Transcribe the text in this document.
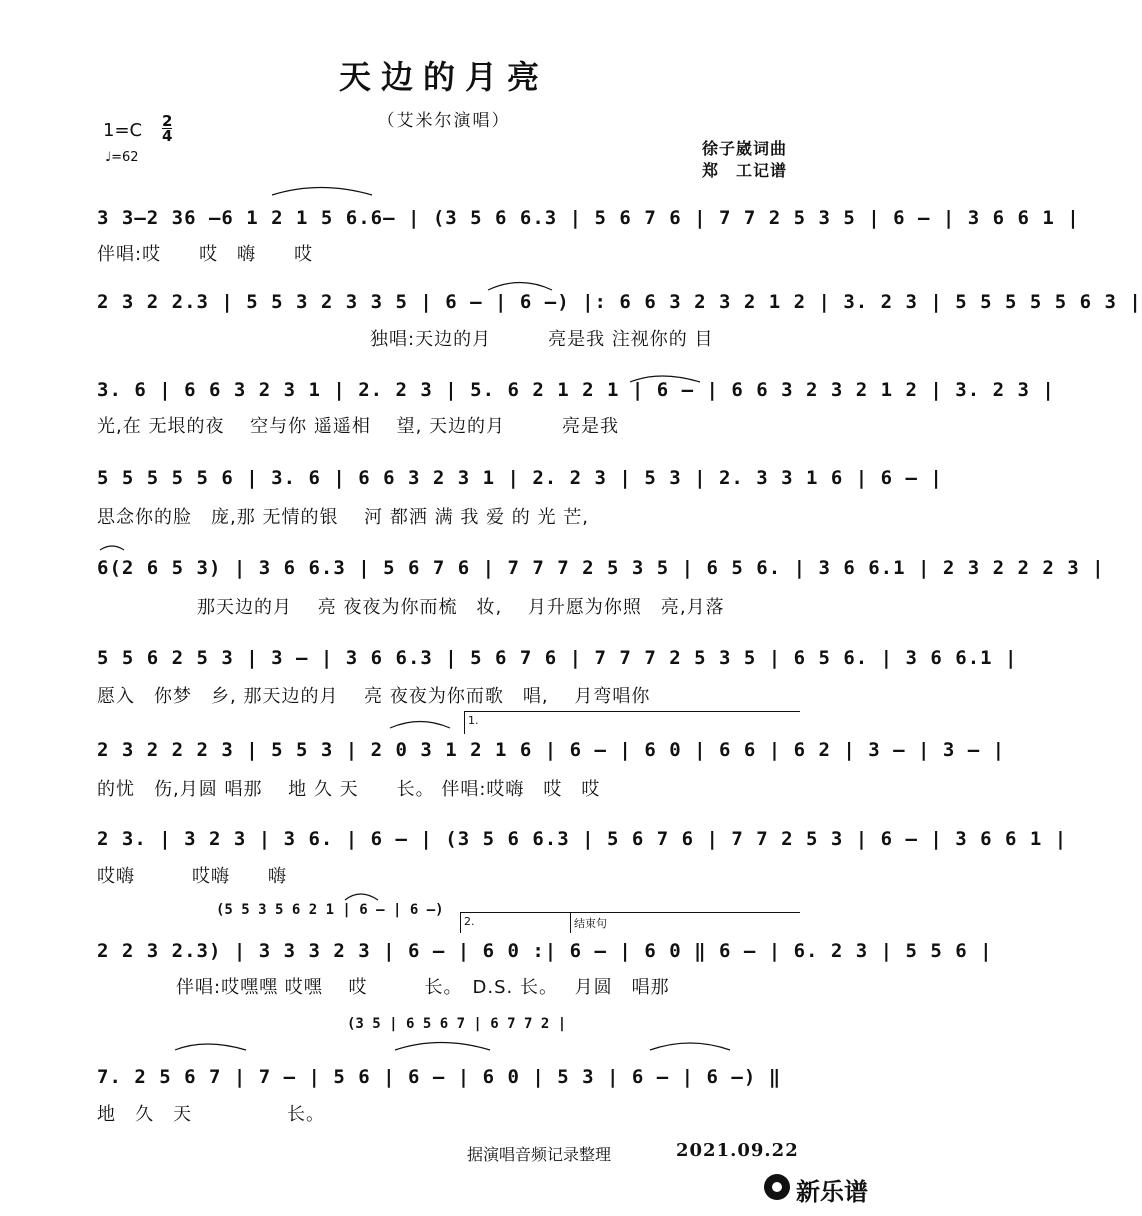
天边的月亮
（艾米尔演唱）
1=C 2
4
♩=62	徐子崴词曲
郑　工记谱
3 3–2 36 –6 1 2 1 5 6.6– | (3 5 6 6.3 | 5 6 7 6 | 7 7 2 5 3 5 | 6 – | 3 6 6 1 |
伴唱:哎　　哎　嗨　　哎
2 3 2 2.3 | 5 5 3 2 3 3 5 | 6 – | 6 –) |: 6 6 3 2 3 2 1 2 | 3. 2 3 | 5 5 5 5 5 6 3 |
独唱:天边的月　　　亮是我 注视你的 目
3. 6 | 6 6 3 2 3 1 | 2. 2 3 | 5. 6 2 1 2 1 | 6 – | 6 6 3 2 3 2 1 2 | 3. 2 3 |
光,在 无垠的夜　 空与你 遥遥相　 望, 天边的月　　　亮是我
5 5 5 5 5 6 | 3. 6 | 6 6 3 2 3 1 | 2. 2 3 | 5 3 | 2. 3 3 1 6 | 6 – |
思念你的脸　庞,那 无情的银　 河 都洒 满 我 爱 的 光 芒,
6(2 6 5 3) | 3 6 6.3 | 5 6 7 6 | 7 7 7 2 5 3 5 | 6 5 6. | 3 6 6.1 | 2 3 2 2 2 3 |
那天边的月　 亮 夜夜为你而梳　妆,　 月升愿为你照　亮,月落
5 5 6 2 5 3 | 3 – | 3 6 6.3 | 5 6 7 6 | 7 7 7 2 5 3 5 | 6 5 6. | 3 6 6.1 |
愿入　你梦　乡, 那天边的月　 亮 夜夜为你而歌　唱,　 月弯唱你
1.
2 3 2 2 2 3 | 5 5 3 | 2 0 3 1 2 1 6 | 6 – | 6 0 | 6 6 | 6 2 | 3 – | 3 – |
的忧　伤,月圆 唱那　 地 久 天　　长。 伴唱:哎嗨　哎　哎
2 3. | 3 2 3 | 3 6. | 6 – | (3 5 6 6.3 | 5 6 7 6 | 7 7 2 5 3 | 6 – | 3 6 6 1 |
哎嗨　　　哎嗨　　嗨
(5 5 3 5 6 2 1 | 6 – | 6 –)
2.	结束句
2 2 3 2.3) | 3 3 3 2 3 | 6 – | 6 0 :| 6 – | 6 0 ‖ 6 – | 6. 2 3 | 5 5 6 |
伴唱:哎嘿嘿 哎嘿　 哎　　　长。　D.S. 长。　 月圆　唱那
(3 5 | 6 5 6 7 | 6 7 7 2 |
7. 2 5 6 7 | 7 – | 5 6 | 6 – | 6 0 | 5 3 | 6 – | 6 –) ‖
地　久　天　　　　　长。
据演唱音频记录整理	2021.09.22
新乐谱
